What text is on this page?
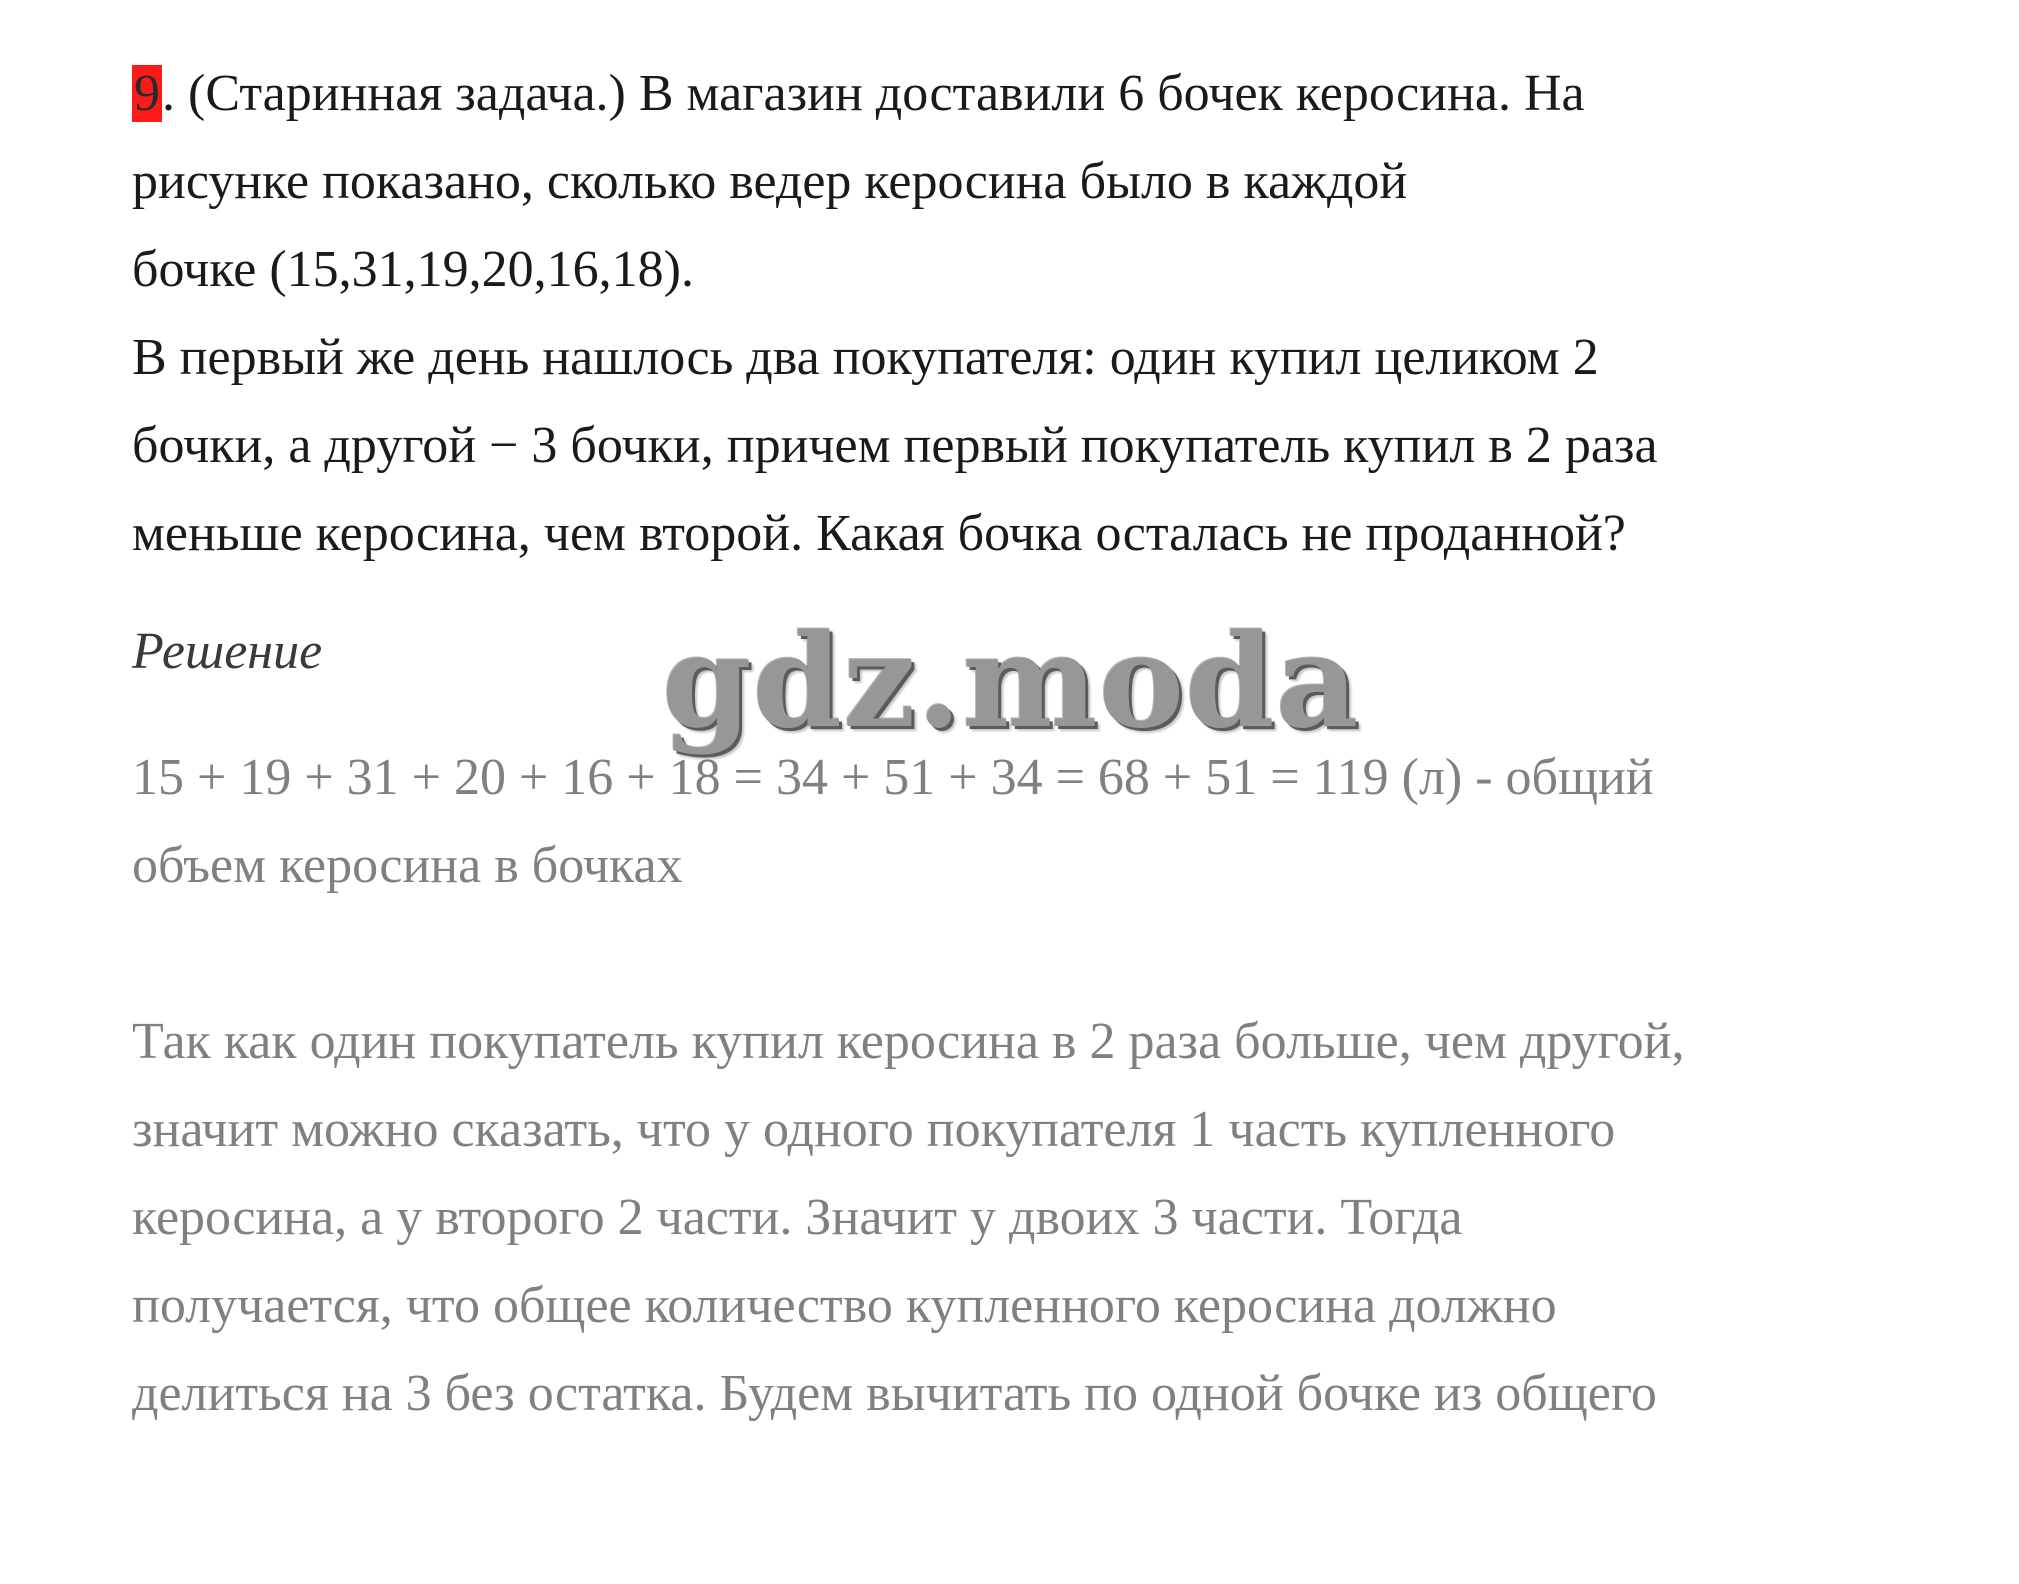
9. (Старинная задача.) В магазин доставили 6 бочек керосина. На
рисунке показано, сколько ведер керосина было в каждой
бочке (15,31,19,20,16,18).
В первый же день нашлось два покупателя: один купил целиком 2
бочки, а другой − 3 бочки, причем первый покупатель купил в 2 раза
меньше керосина, чем второй. Какая бочка осталась не проданной?
Решение
15 + 19 + 31 + 20 + 16 + 18 = 34 + 51 + 34 = 68 + 51 = 119 (л) - общий
объем керосина в бочках
Так как один покупатель купил керосина в 2 раза больше, чем другой,
значит можно сказать, что у одного покупателя 1 часть купленного
керосина, а у второго 2 части. Значит у двоих 3 части. Тогда
получается, что общее количество купленного керосина должно
делиться на 3 без остатка. Будем вычитать по одной бочке из общего
gdz.moda
